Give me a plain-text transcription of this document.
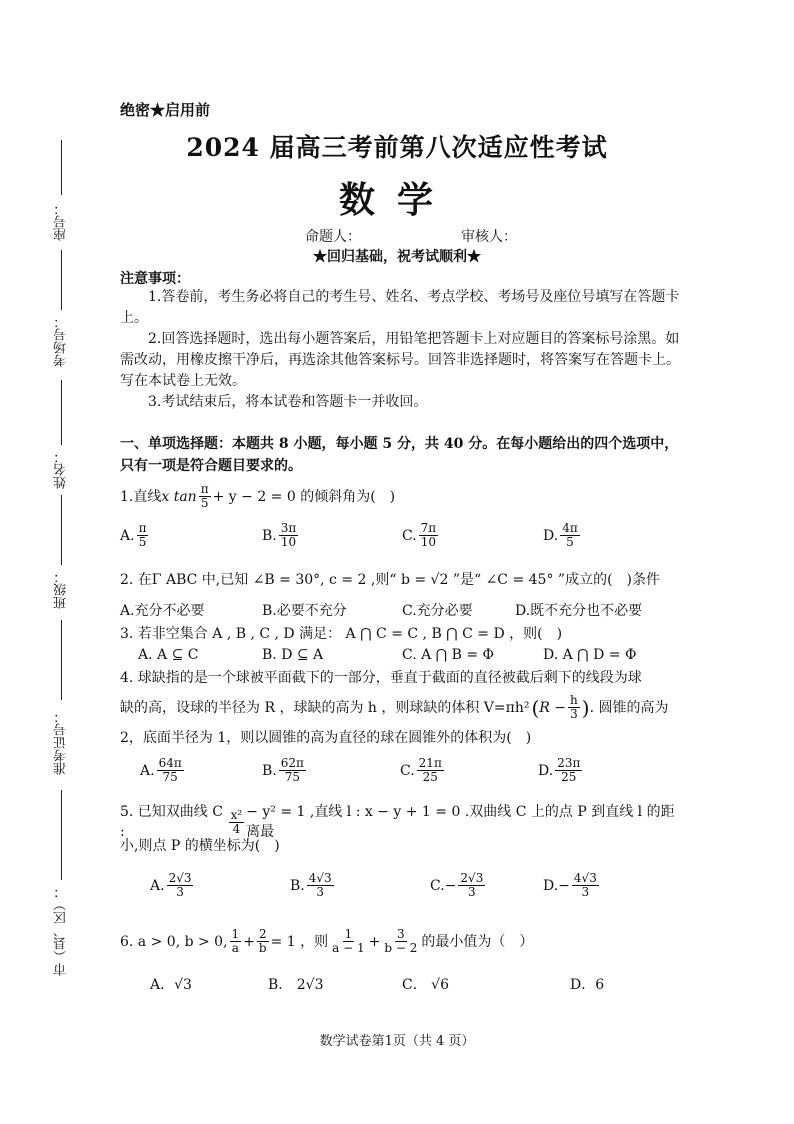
座号：
考场号：
姓名：
班级：
准考证号：
市（县、区）：
绝密★启用前
2024 届高三考前第八次适应性考试
数学
命题人：	审核人：
★回归基础，祝考试顺利★
注意事项：
1.答卷前，考生务必将自己的考生号、姓名、考点学校、考场号及座位号填写在答题卡上。
2.回答选择题时，选出每小题答案后，用铅笔把答题卡上对应题目的答案标号涂黑。如需改动，用橡皮擦干净后，再选涂其他答案标号。回答非选择题时，将答案写在答题卡上。写在本试卷上无效。
3.考试结束后，将本试卷和答题卡一并收回。
一、单项选择题：本题共 8 小题，每小题 5 分，共 40 分。在每小题给出的四个选项中，只有一项是符合题目要求的。
1.直线 x $\tan \frac{\pi}{5} + y - 2 = 0$ 的倾斜角为(　)
A. $\frac{\pi}{5}$	B. $\frac{3\pi}{10}$	C. $\frac{7\pi}{10}$	D. $\frac{4\pi}{5}$
2. 在Γ ABC 中,已知 ∠B = 30°, c = 2 ,则“ b = √2 ”是“ ∠C = 45° ”成立的(　)条件
A.充分不必要	B.必要不充分	C.充分必要	D.既不充分也不必要
3. 若非空集合 A , B , C , D 满足： A ⋂ C = C , B ⋂ C = D ，则(　)
A. A ⊆ C	B. D ⊆ A	C. A ⋂ B = Φ	D. A ⋂ D = Φ
4. 球缺指的是一个球被平面截下的一部分，垂直于截面的直径被截后剩下的线段为球
缺的高，设球的半径为 R ，球缺的高为 h ，则球缺的体积 V=πh² ( $R - \frac{h}{3}$ ) . 圆锥的高为
2，底面半径为 1，则以圆锥的高为直径的球在圆锥外的体积为(　)
A. $\frac{64\pi}{75}$	B. $\frac{62\pi}{75}$	C. $\frac{21\pi}{25}$	D. $\frac{23\pi}{25}$
5. 已知双曲线 C :	$\frac{\text{x²}}{4} - y^2 = 1$ ,直线 l : x − y + 1 = 0 .双曲线 C 上的点 P 到直线 l 的距离最
小,则点 P 的横坐标为(　)
A. $\frac{2√3}{3}$	B. $\frac{4√3}{3}$	$C.- \frac{2√3}{3}$	$D.- \frac{4√3}{3}$
6. a > 0, b > 0, $\frac{1}{a} + \frac{2}{b} = 1$ ，则 $\frac{1}{a - 1} + \frac{3}{b - 2}$ 的最小值为（　）
A．√3	B． 2√3	C． √6	D．6
数学试卷第1页（共 4 页）
